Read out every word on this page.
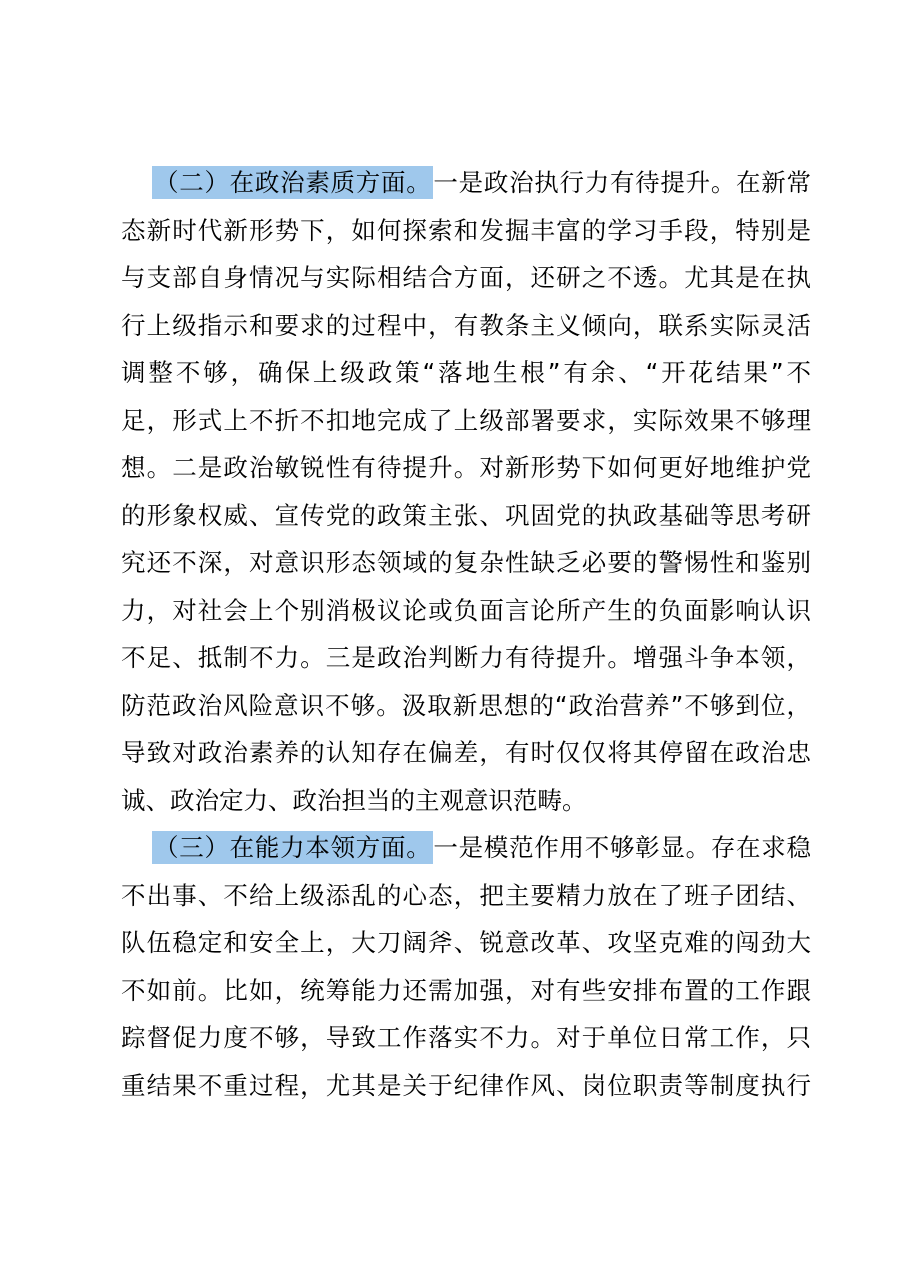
（二）在政治素质方面。一是政治执行力有待提升。在新常
态新时代新形势下，如何探索和发掘丰富的学习手段，特别是
与支部自身情况与实际相结合方面，还研之不透。尤其是在执
行上级指示和要求的过程中，有教条主义倾向，联系实际灵活
调整不够，确保上级政策“落地生根”有余、“开花结果”不
足，形式上不折不扣地完成了上级部署要求，实际效果不够理
想。二是政治敏锐性有待提升。对新形势下如何更好地维护党
的形象权威、宣传党的政策主张、巩固党的执政基础等思考研
究还不深，对意识形态领域的复杂性缺乏必要的警惕性和鉴别
力，对社会上个别消极议论或负面言论所产生的负面影响认识
不足、抵制不力。三是政治判断力有待提升。增强斗争本领，
防范政治风险意识不够。汲取新思想的“政治营养”不够到位，
导致对政治素养的认知存在偏差，有时仅仅将其停留在政治忠
诚、政治定力、政治担当的主观意识范畴。
（三）在能力本领方面。一是模范作用不够彰显。存在求稳
不出事、不给上级添乱的心态，把主要精力放在了班子团结、
队伍稳定和安全上，大刀阔斧、锐意改革、攻坚克难的闯劲大
不如前。比如，统筹能力还需加强，对有些安排布置的工作跟
踪督促力度不够，导致工作落实不力。对于单位日常工作，只
重结果不重过程，尤其是关于纪律作风、岗位职责等制度执行
